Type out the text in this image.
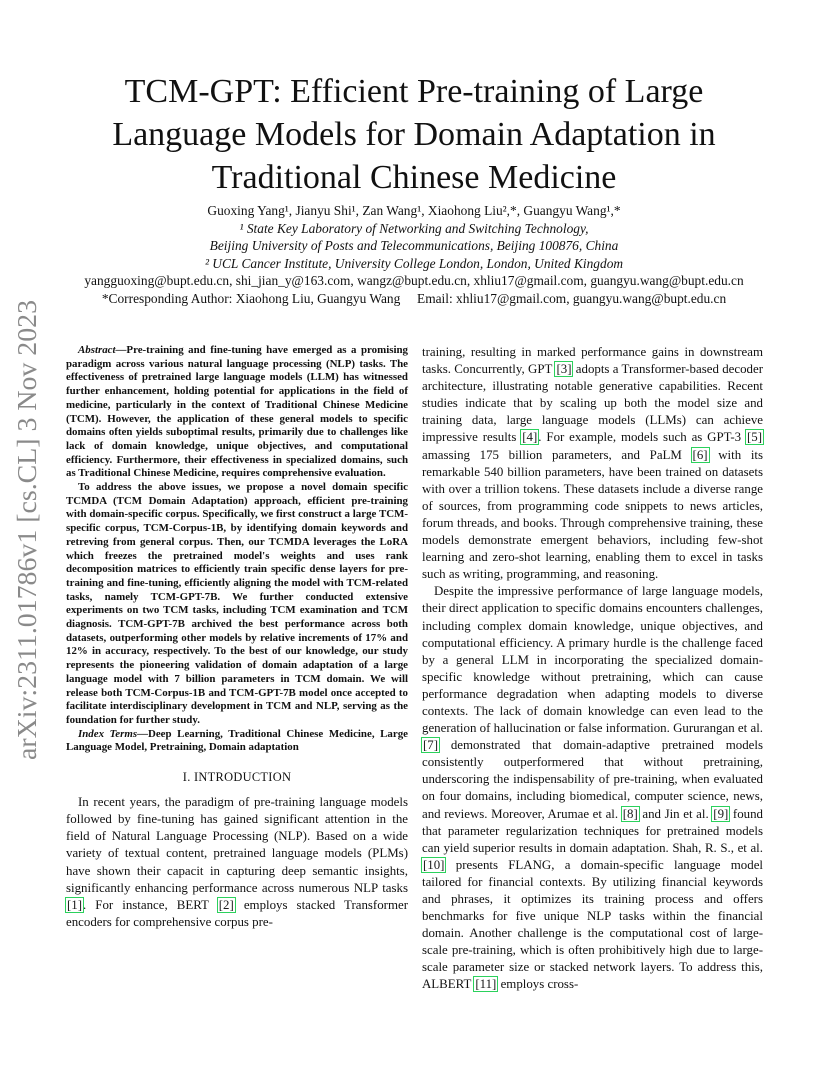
arXiv:2311.01786v1 [cs.CL] 3 Nov 2023
TCM-GPT: Efficient Pre-training of Large Language Models for Domain Adaptation in Traditional Chinese Medicine
Guoxing Yang¹, Jianyu Shi¹, Zan Wang¹, Xiaohong Liu²,*, Guangyu Wang¹,*
¹ State Key Laboratory of Networking and Switching Technology,
Beijing University of Posts and Telecommunications, Beijing 100876, China
² UCL Cancer Institute, University College London, London, United Kingdom
yangguoxing@bupt.edu.cn, shi_jian_y@163.com, wangz@bupt.edu.cn, xhliu17@gmail.com, guangyu.wang@bupt.edu.cn
*Corresponding Author: Xiaohong Liu, Guangyu Wang     Email: xhliu17@gmail.com, guangyu.wang@bupt.edu.cn

Abstract—Pre-training and fine-tuning have emerged as a promising paradigm across various natural language processing (NLP) tasks. The effectiveness of pretrained large language models (LLM) has witnessed further enhancement, holding potential for applications in the field of medicine, particularly in the context of Traditional Chinese Medicine (TCM). However, the application of these general models to specific domains often yields suboptimal results, primarily due to challenges like lack of domain knowledge, unique objectives, and computational efficiency. Furthermore, their effectiveness in specialized domains, such as Traditional Chinese Medicine, requires comprehensive evaluation.

To address the above issues, we propose a novel domain specific TCMDA (TCM Domain Adaptation) approach, efficient pre-training with domain-specific corpus. Specifically, we first construct a large TCM-specific corpus, TCM-Corpus-1B, by identifying domain keywords and retreving from general corpus. Then, our TCMDA leverages the LoRA which freezes the pretrained model's weights and uses rank decomposition matrices to efficiently train specific dense layers for pre-training and fine-tuning, efficiently aligning the model with TCM-related tasks, namely TCM-GPT-7B. We further conducted extensive experiments on two TCM tasks, including TCM examination and TCM diagnosis. TCM-GPT-7B archived the best performance across both datasets, outperforming other models by relative increments of 17% and 12% in accuracy, respectively. To the best of our knowledge, our study represents the pioneering validation of domain adaptation of a large language model with 7 billion parameters in TCM domain. We will release both TCM-Corpus-1B and TCM-GPT-7B model once accepted to facilitate interdisciplinary development in TCM and NLP, serving as the foundation for further study.

Index Terms—Deep Learning, Traditional Chinese Medicine, Large Language Model, Pretraining, Domain adaptation

I. INTRODUCTION

In recent years, the paradigm of pre-training language models followed by fine-tuning has gained significant attention in the field of Natural Language Processing (NLP). Based on a wide variety of textual content, pretrained language models (PLMs) have shown their capacit in capturing deep semantic insights, significantly enhancing performance across numerous NLP tasks [1]. For instance, BERT [2] employs stacked Transformer encoders for comprehensive corpus pre-

training, resulting in marked performance gains in downstream tasks. Concurrently, GPT [3] adopts a Transformer-based decoder architecture, illustrating notable generative capabilities. Recent studies indicate that by scaling up both the model size and training data, large language models (LLMs) can achieve impressive results [4]. For example, models such as GPT-3 [5] amassing 175 billion parameters, and PaLM [6] with its remarkable 540 billion parameters, have been trained on datasets with over a trillion tokens. These datasets include a diverse range of sources, from programming code snippets to news articles, forum threads, and books. Through comprehensive training, these models demonstrate emergent behaviors, including few-shot learning and zero-shot learning, enabling them to excel in tasks such as writing, programming, and reasoning.

Despite the impressive performance of large language models, their direct application to specific domains encounters challenges, including complex domain knowledge, unique objectives, and computational efficiency. A primary hurdle is the challenge faced by a general LLM in incorporating the specialized domain-specific knowledge without pretraining, which can cause performance degradation when adapting models to diverse contexts. The lack of domain knowledge can even lead to the generation of hallucination or false information. Gururangan et al. [7] demonstrated that domain-adaptive pretrained models consistently outperformered that without pretraining, underscoring the indispensability of pre-training, when evaluated on four domains, including biomedical, computer science, news, and reviews. Moreover, Arumae et al. [8] and Jin et al. [9] found that parameter regularization techniques for pretrained models can yield superior results in domain adaptation. Shah, R. S., et al. [10] presents FLANG, a domain-specific language model tailored for financial contexts. By utilizing financial keywords and phrases, it optimizes its training process and offers benchmarks for five unique NLP tasks within the financial domain. Another challenge is the computational cost of large-scale pre-training, which is often prohibitively high due to large-scale parameter size or stacked network layers. To address this, ALBERT [11] employs cross-
